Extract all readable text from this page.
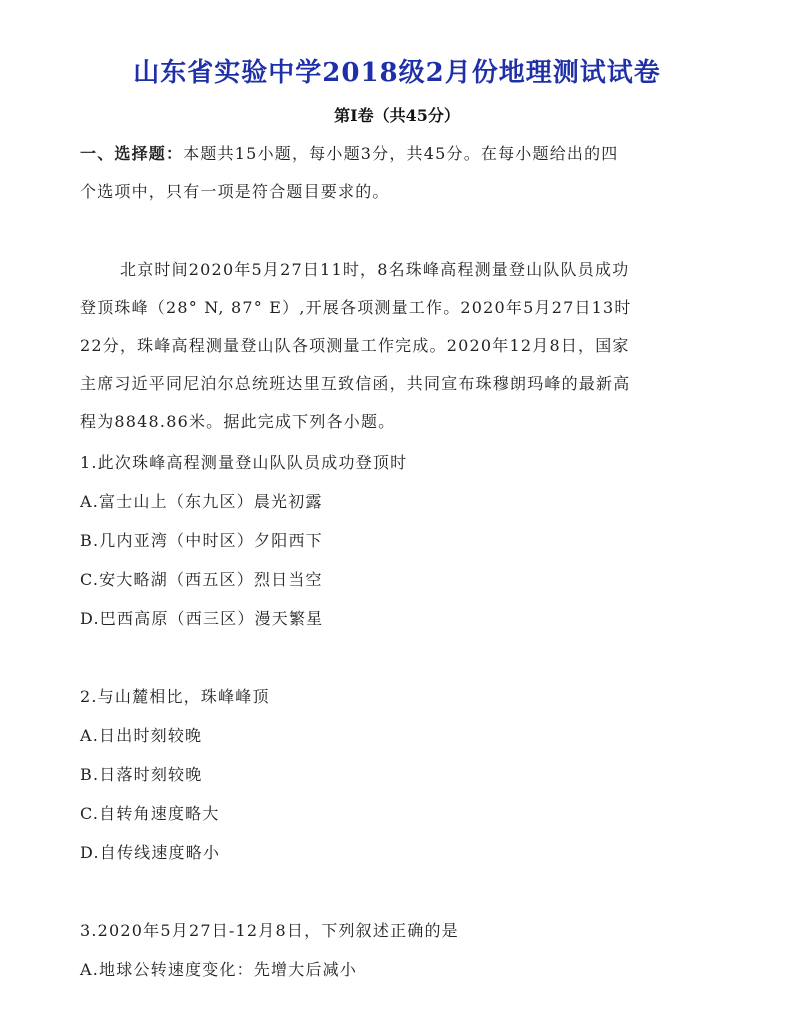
山东省实验中学2018级2月份地理测试试卷
第Ⅰ卷（共45分）
一、选择题：本题共15小题，每小题3分，共45分。在每小题给出的四
个选项中，只有一项是符合题目要求的。
北京时间2020年5月27日11时，8名珠峰高程测量登山队队员成功
登顶珠峰（28° N, 87° E）,开展各项测量工作。2020年5月27日13时
22分，珠峰高程测量登山队各项测量工作完成。2020年12月8日，国家
主席习近平同尼泊尔总统班达里互致信函，共同宣布珠穆朗玛峰的最新高
程为8848.86米。据此完成下列各小题。
1.此次珠峰高程测量登山队队员成功登顶时
A.富士山上（东九区）晨光初露
B.几内亚湾（中时区）夕阳西下
C.安大略湖（西五区）烈日当空
D.巴西高原（西三区）漫天繁星
2.与山麓相比，珠峰峰顶
A.日出时刻较晚
B.日落时刻较晚
C.自转角速度略大
D.自传线速度略小
3.2020年5月27日-12月8日，下列叙述正确的是
A.地球公转速度变化：先增大后减小
